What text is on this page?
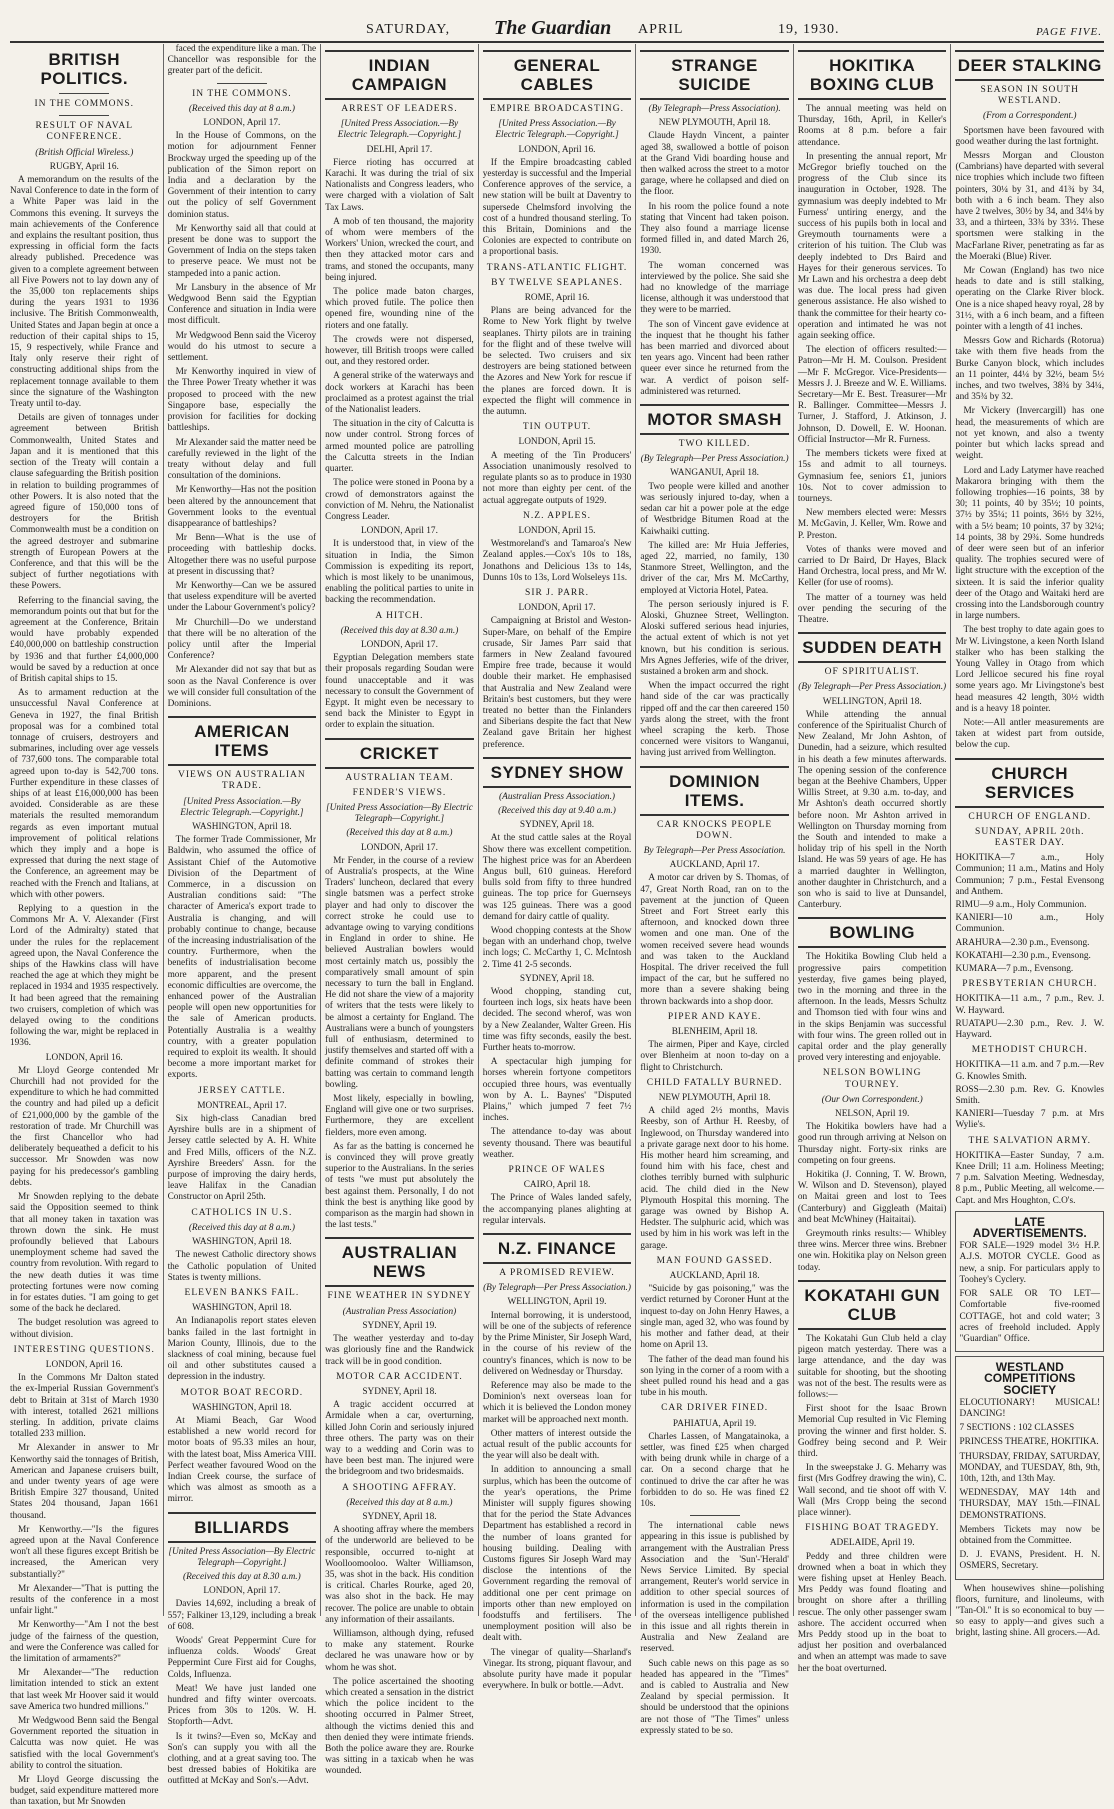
SATURDAY, The Guardian APRIL	19, 1930.	PAGE FIVE.
BRITISH POLITICS.
IN THE COMMONS.
RESULT OF NAVAL CONFERENCE.
(British Official Wireless.)
RUGBY, April 16.

A memorandum on the results of the Naval Conference to date in the form of a White Paper was laid in the Commons this evening. It surveys the main achievements of the Conference and explains the resultant position, thus expressing in official form the facts already published. Precedence was given to a complete agreement between all Five Powers not to lay down any of the 35,000 ton replacements ships during the years 1931 to 1936 inclusive. The British Commonwealth, United States and Japan begin at once a reduction of their capital ships to 15, 15, 9 respectively, while France and Italy only reserve their right of constructing additional ships from the replacement tonnage available to them since the signature of the Washington Treaty until to-day.

Details are given of tonnages under agreement between British Commonwealth, United States and Japan and it is mentioned that this section of the Treaty will contain a clause safeguarding the British position in relation to building programmes of other Powers. It is also noted that the agreed figure of 150,000 tons of destroyers for the British Commonwealth must be a condition on the agreed destroyer and submarine strength of European Powers at the Conference, and that this will be the subject of further negotiations with these Powers.

Referring to the financial saving, the memorandum points out that but for the agreement at the Conference, Britain would have probably expended £40,000,000 on battleship construction by 1936 and that further £4,000,000 would be saved by a reduction at once of British capital ships to 15.

As to armament reduction at the unsuccessful Naval Conference at Geneva in 1927, the final British proposal was for a combined total tonnage of cruisers, destroyers and submarines, including over age vessels of 737,600 tons. The comparable total agreed upon to-day is 542,700 tons. Further expenditure in these classes of ships of at least £16,000,000 has been avoided. Considerable as are these materials the resulted memorandum regards as even important mutual improvement of political relations which they imply and a hope is expressed that during the next stage of the Conference, an agreement may be reached with the French and Italians, at which with other powers.

Replying to a question in the Commons Mr A. V. Alexander (First Lord of the Admiralty) stated that under the rules for the replacement agreed upon, the Naval Conference the ships of the Hawkins class will have reached the age at which they might be replaced in 1934 and 1935 respectively. It had been agreed that the remaining two cruisers, completion of which was delayed owing to the conditions following the war, might be replaced in 1936.

LONDON, April 16.

Mr Lloyd George contended Mr Churchill had not provided for the expenditure to which he had committed the country and had piled up a deficit of £21,000,000 by the gamble of the restoration of trade. Mr Churchill was the first Chancellor who had deliberately bequeathed a deficit to his successor. Mr Snowden was now paying for his predecessor's gambling debts.

Mr Snowden replying to the debate said the Opposition seemed to think that all money taken in taxation was thrown down the sink. He must profoundly believed that Labours unemployment scheme had saved the country from revolution. With regard to the new death duties it was time protecting fortunes were now coming in for estates duties. "I am going to get some of the back he declared.

The budget resolution was agreed to without division.

INTERESTING QUESTIONS.
LONDON, April 16.

In the Commons Mr Dalton stated the ex-Imperial Russian Government's debt to Britain at 31st of March 1930 with interest, totalled 2621 millions sterling. In addition, private claims totalled 233 million.

Mr Alexander in answer to Mr Kenworthy said the tonnages of British, American and Japanese cruisers built, and under twenty years of age were British Empire 327 thousand, United States 204 thousand, Japan 1661 thousand.

Mr Kenworthy.—"Is the figures agreed upon at the Naval Conference won't all these figures except British be increased, the American very substantially?"

Mr Alexander—"That is putting the results of the conference in a most unfair light."

Mr Kenworthy—"Am I not the best judge of the fairness of the question, and were the Conference was called for the limitation of armaments?"

Mr Alexander—"The reduction limitation intended to stick an extent that last week Mr Hoover said it would save America two hundred millions."

Mr Wedgwood Benn said the Bengal Government reported the situation in Calcutta was now quiet. He was satisfied with the local Government's ability to control the situation.

Mr Lloyd George discussing the budget, said expenditure mattered more than taxation, but Mr Snowden

faced the expenditure like a man. The Chancellor was responsible for the greater part of the deficit.

IN THE COMMONS.
(Received this day at 8 a.m.)
LONDON, April 17.

In the House of Commons, on the motion for adjournment Fenner Brockway urged the speeding up of the publication of the Simon report on India and a declaration by the Government of their intention to carry out the policy of self Government dominion status.

Mr Kenworthy said all that could at present be done was to support the Government of India on the steps taken to preserve peace. We must not be stampeded into a panic action.

Mr Lansbury in the absence of Mr Wedgwood Benn said the Egyptian Conference and situation in India were most difficult.

Mr Wedgwood Benn said the Viceroy would do his utmost to secure a settlement.

Mr Kenworthy inquired in view of the Three Power Treaty whether it was proposed to proceed with the new Singapore base, especially the provision for facilities for docking battleships.

Mr Alexander said the matter need be carefully reviewed in the light of the treaty without delay and full consultation of the dominions.

Mr Kenworthy—Has not the position been altered by the announcement that Government looks to the eventual disappearance of battleships?

Mr Benn—What is the use of proceeding with battleship docks. Altogether there was no useful purpose at present in discussing that?

Mr Kenworthy—Can we be assured that useless expenditure will be averted under the Labour Government's policy?

Mr Churchill—Do we understand that there will be no alteration of the policy until after the Imperial Conference?

Mr Alexander did not say that but as soon as the Naval Conference is over we will consider full consultation of the Dominions.

AMERICAN ITEMS
VIEWS ON AUSTRALIAN TRADE.
[United Press Association.—By Electric Telegraph.—Copyright.]
WASHINGTON, April 18.

The former Trade Commissioner, Mr Baldwin, who assumed the office of Assistant Chief of the Automotive Division of the Department of Commerce, in a discussion on Australian conditions said: "The character of America's export trade to Australia is changing, and will probably continue to change, because of the increasing industrialisation of the country. Furthermore, when the benefits of industrialisation become more apparent, and the present economic difficulties are overcome, the enhanced power of the Australian people will open new opportunities for the sale of American products. Potentially Australia is a wealthy country, with a greater population required to exploit its wealth. It should become a more important market for exports.

JERSEY CATTLE.
MONTREAL, April 17.

Six high-class Canadian bred Ayrshire bulls are in a shipment of Jersey cattle selected by A. H. White and Fred Mills, officers of the N.Z. Ayrshire Breeders' Assn. for the purpose of improving the dairy herds, leave Halifax in the Canadian Constructor on April 25th.

CATHOLICS IN U.S.
(Received this day at 8 a.m.)
WASHINGTON, April 18.

The newest Catholic directory shows the Catholic population of United States is twenty millions.

ELEVEN BANKS FAIL.
WASHINGTON, April 18.

An Indianapolis report states eleven banks failed in the last fortnight in Marion County, Illinois, due to the slackness of coal mining, because fuel oil and other substitutes caused a depression in the industry.

MOTOR BOAT RECORD.
WASHINGTON, April 18.

At Miami Beach, Gar Wood established a new world record for motor boats of 95.33 miles an hour, with the latest boat, Miss America VIII. Perfect weather favoured Wood on the Indian Creek course, the surface of which was almost as smooth as a mirror.

BILLIARDS
[United Press Association—By Electric Telegraph—Copyright.]
(Received this day at 8.30 a.m.)
LONDON, April 17.

Davies 14,692, including a break of 557; Falkiner 13,129, including a break of 608.

Woods' Great Peppermint Cure for influenza colds. Woods' Great Peppermint Cure First aid for Coughs, Colds, Influenza.

Meat! We have just landed one hundred and fifty winter overcoats. Prices from 30s to 120s. W. H. Stopforth—Advt.

Is it twins?—Even so, McKay and Son's can supply you with all the clothing, and at a great saving too. The best dressed babies of Hokitika are outfitted at McKay and Son's.—Advt.

INDIAN CAMPAIGN
ARREST OF LEADERS.
[United Press Association.—By Electric Telegraph.—Copyright.]
DELHI, April 17.

Fierce rioting has occurred at Karachi. It was during the trial of six Nationalists and Congress leaders, who were charged with a violation of Salt Tax Laws.

A mob of ten thousand, the majority of whom were members of the Workers' Union, wrecked the court, and then they attacked motor cars and trams, and stoned the occupants, many being injured.

The police made baton charges, which proved futile. The police then opened fire, wounding nine of the rioters and one fatally.

The crowds were not dispersed, however, till British troops were called out, and they restored order.

A general strike of the waterways and dock workers at Karachi has been proclaimed as a protest against the trial of the Nationalist leaders.

The situation in the city of Calcutta is now under control. Strong forces of armed mounted police are patrolling the Calcutta streets in the Indian quarter.

The police were stoned in Poona by a crowd of demonstrators against the conviction of M. Nehru, the Nationalist Congress Leader.

LONDON, April 17.

It is understood that, in view of the situation in India, the Simon Commission is expediting its report, which is most likely to be unanimous, enabling the political parties to unite in backing the recommendation.

A HITCH.
(Received this day at 8.30 a.m.)
LONDON, April 17.

Egyptian Delegation members state their proposals regarding Soudan were found unacceptable and it was necessary to consult the Government of Egypt. It might even be necessary to send back the Minister to Egypt in order to explain the situation.

CRICKET
AUSTRALIAN TEAM.
FENDER'S VIEWS.
[United Press Association—By Electric Telegraph—Copyright.]
(Received this day at 8 a.m.)
LONDON, April 17.

Mr Fender, in the course of a review of Australia's prospects, at the Wine Traders' luncheon, declared that every single batsmen was a perfect stroke player and had only to discover the correct stroke he could use to advantage owing to varying conditions in England in order to shine. He believed Australian bowlers would most certainly match us, possibly the comparatively small amount of spin necessary to turn the ball in England. He did not share the view of a majority of writers that the tests were likely to be almost a certainty for England. The Australians were a bunch of youngsters full of enthusiasm, determined to justify themselves and started off with a definite command of strokes their batting was certain to command length bowling.

Most likely, especially in bowling, England will give one or two surprises. Furthermore, they are excellent fielders, more even among.

As far as the batting is concerned he is convinced they will prove greatly superior to the Australians. In the series of tests "we must put absolutely the best against them. Personally, I do not think the best is anything like good by comparison as the margin had shown in the last tests."

AUSTRALIAN NEWS
FINE WEATHER IN SYDNEY
(Australian Press Association)
SYDNEY, April 19.

The weather yesterday and to-day was gloriously fine and the Randwick track will be in good condition.

MOTOR CAR ACCIDENT.
SYDNEY, April 18.

A tragic accident occurred at Armidale when a car, overturning, killed John Corin and seriously injured three others. The party was on their way to a wedding and Corin was to have been best man. The injured were the bridegroom and two bridesmaids.

A SHOOTING AFFRAY.
(Received this day at 8 a.m.)
SYDNEY, April 18.

A shooting affray where the members of the underworld are believed to be responsible, occurred to-night at Woolloomooloo. Walter Williamson, 35, was shot in the back. His condition is critical. Charles Rourke, aged 20, was also shot in the back. He may recover. The police are unable to obtain any information of their assailants.

Williamson, although dying, refused to make any statement. Rourke declared he was unaware how or by whom he was shot.

The police ascertained the shooting which created a sensation in the district which the police incident to the shooting occurred in Palmer Street, although the victims denied this and then denied they were intimate friends. Both the police aware they are. Rourke was sitting in a taxicab when he was wounded.

GENERAL CABLES
EMPIRE BROADCASTING.
[United Press Association.—By Electric Telegraph.—Copyright.]
LONDON, April 16.

If the Empire broadcasting cabled yesterday is successful and the Imperial Conference approves of the service, a new station will be built at Daventry to supersede Chelmsford involving the cost of a hundred thousand sterling. To this Britain, Dominions and the Colonies are expected to contribute on a proportional basis.

TRANS-ATLANTIC FLIGHT.
BY TWELVE SEAPLANES.
ROME, April 16.

Plans are being advanced for the Rome to New York flight by twelve seaplanes. Thirty pilots are in training for the flight and of these twelve will be selected. Two cruisers and six destroyers are being stationed between the Azores and New York for rescue if the planes are forced down. It is expected the flight will commence in the autumn.

TIN OUTPUT.
LONDON, April 15.

A meeting of the Tin Producers' Association unanimously resolved to regulate plants so as to produce in 1930 not more than eighty per cent. of the actual aggregate outputs of 1929.

N.Z. APPLES.
LONDON, April 15.

Westmoreland's and Tamaroa's New Zealand apples.—Cox's 10s to 18s, Jonathons and Delicious 13s to 14s, Dunns 10s to 13s, Lord Wolseleys 11s.

SIR J. PARR.
LONDON, April 17.

Campaigning at Bristol and Weston-Super-Mare, on behalf of the Empire crusade, Sir James Parr said that farmers in New Zealand favoured Empire free trade, because it would double their market. He emphasised that Australia and New Zealand were Britain's best customers, but they were treated no better than the Finlanders and Siberians despite the fact that New Zealand gave Britain her highest preference.

SYDNEY SHOW
(Australian Press Association.)
(Received this day at 9.40 a.m.)
SYDNEY, April 18.

At the stud cattle sales at the Royal Show there was excellent competition. The highest price was for an Aberdeen Angus bull, 610 guineas. Hereford bulls sold from fifty to three hundred guineas. The top price for Guernseys was 125 guineas. There was a good demand for dairy cattle of quality.

Wood chopping contests at the Show began with an underhand chop, twelve inch logs; C. McCarthy 1, C. McIntosh 2. Time 41 2-5 seconds.

SYDNEY, April 18.

Wood chopping, standing cut, fourteen inch logs, six heats have been decided. The second wherof, was won by a New Zealander, Walter Green. His time was fifty seconds, easily the best. Further heats to-morrow.

A spectacular high jumping for horses wherein fortyone competitors occupied three hours, was eventually won by A. L. Baynes' "Disputed Plains," which jumped 7 feet 7½ inches.

The attendance to-day was about seventy thousand. There was beautiful weather.

PRINCE OF WALES
CAIRO, April 18.

The Prince of Wales landed safely, the accompanying planes alighting at regular intervals.

N.Z. FINANCE
A PROMISED REVIEW.
(By Telegraph—Per Press Association.)
WELLINGTON, April 19.

Internal borrowing, it is understood, will be one of the subjects of reference by the Prime Minister, Sir Joseph Ward, in the course of his review of the country's finances, which is now to be delivered on Wednesday or Thursday.

Reference may also be made to the Dominion's next overseas loan for which it is believed the London money market will be approached next month.

Other matters of interest outside the actual result of the public accounts for the year will also be dealt with.

In addition to announcing a small surplus, which has been the outcome of the year's operations, the Prime Minister will supply figures showing that for the period the State Advances Department has established a record in the number of loans granted for housing building. Dealing with Customs figures Sir Joseph Ward may disclose the intentions of the Government regarding the removal of additional one per cent primage on imports other than new employed on foodstuffs and fertilisers. The unemployment position will also be dealt with.

The vinegar of quality—Sharland's Vinegar. Its strong, piquant flavour, and absolute purity have made it popular everywhere. In bulk or bottle.—Advt.

STRANGE SUICIDE
(By Telegraph—Press Association).
NEW PLYMOUTH, April 18.

Claude Haydn Vincent, a painter aged 38, swallowed a bottle of poison at the Grand Vidi boarding house and then walked across the street to a motor garage, where he collapsed and died on the floor.

In his room the police found a note stating that Vincent had taken poison. They also found a marriage license formed filled in, and dated March 26, 1930.

The woman concerned was interviewed by the police. She said she had no knowledge of the marriage license, although it was understood that they were to be married.

The son of Vincent gave evidence at the inquest that he thought his father has been married and divorced about ten years ago. Vincent had been rather queer ever since he returned from the war. A verdict of poison self-administered was returned.

MOTOR SMASH
TWO KILLED.
(By Telegraph—Per Press Association.)
WANGANUI, April 18.

Two people were killed and another was seriously injured to-day, when a sedan car hit a power pole at the edge of Westbridge Bitumen Road at the Kaiwhaiki cutting.

The killed are: Mr Huia Jefferies, aged 22, married, no family, 130 Stanmore Street, Wellington, and the driver of the car, Mrs M. McCarthy, employed at Victoria Hotel, Patea.

The person seriously injured is F. Aloski, Ghuznee Street, Wellington. Aloski suffered serious head injuries, the actual extent of which is not yet known, but his condition is serious. Mrs Agnes Jefferies, wife of the driver, sustained a broken arm and shock.

When the impact occurred the right hand side of the car was practically ripped off and the car then careered 150 yards along the street, with the front wheel scraping the kerb. Those concerned were visitors to Wanganui, having just arrived from Wellington.

DOMINION ITEMS.
CAR KNOCKS PEOPLE DOWN.
By Telegraph—Per Press Association.
AUCKLAND, April 17.

A motor car driven by S. Thomas, of 47, Great North Road, ran on to the pavement at the junction of Queen Street and Fort Street early this afternoon, and knocked down three women and one man. One of the women received severe head wounds and was taken to the Auckland Hospital. The driver received the full impact of the car, but he suffered no more than a severe shaking being thrown backwards into a shop door.

PIPER AND KAYE.
BLENHEIM, April 18.

The airmen, Piper and Kaye, circled over Blenheim at noon to-day on a flight to Christchurch.

CHILD FATALLY BURNED.
NEW PLYMOUTH, April 18.

A child aged 2½ months, Mavis Reesby, son of Arthur H. Reesby, of Inglewood, on Thursday wandered into a private garage next door to his home. His mother heard him screaming, and found him with his face, chest and clothes terribly burned with sulphuric acid. The child died in the New Plymouth Hospital this morning. The garage was owned by Bishop A. Hedster. The sulphuric acid, which was used by him in his work was left in the garage.

MAN FOUND GASSED.
AUCKLAND, April 18.

"Suicide by gas poisoning," was the verdict returned by Coroner Hunt at the inquest to-day on John Henry Hawes, a single man, aged 32, who was found by his mother and father dead, at their home on April 13.

The father of the dead man found his son lying in the corner of a room with a sheet pulled round his head and a gas tube in his mouth.

CAR DRIVER FINED.
PAHIATUA, April 19.

Charles Lassen, of Mangatainoka, a settler, was fined £25 when charged with being drunk while in charge of a car. On a second charge that he continued to drive the car after he was forbidden to do so. He was fined £2 10s.

The international cable news appearing in this issue is published by arrangement with the Australian Press Association and the 'Sun'-'Herald' News Service Limited. By special arrangement, Reuter's world service in addition to other special sources of information is used in the compilation of the overseas intelligence published in this issue and all rights therein in Australia and New Zealand are reserved.

Such cable news on this page as so headed has appeared in the "Times" and is cabled to Australia and New Zealand by special permission. It should be understood that the opinions are not those of "The Times" unless expressly stated to be so.

HOKITIKA BOXING CLUB

The annual meeting was held on Thursday, 16th, April, in Keller's Rooms at 8 p.m. before a fair attendance.

In presenting the annual report, Mr McGregor briefly touched on the progress of the Club since its inauguration in October, 1928. The gymnasium was deeply indebted to Mr Furness' untiring energy, and the success of his pupils both in local and Greymouth tournaments were a criterion of his tuition. The Club was deeply indebted to Drs Baird and Hayes for their generous services. To Mr Lawn and his orchestra a deep debt was due. The local press had given generous assistance. He also wished to thank the committee for their hearty co-operation and intimated he was not again seeking office.

The election of officers resulted:— Patron—Mr H. M. Coulson. President—Mr F. McGregor. Vice-Presidents—Messrs J. J. Breeze and W. E. Williams. Secretary—Mr E. Best. Treasurer—Mr R. Ballinger. Committee—Messrs J. Turner, J. Stafford, J. Atkinson, J. Johnson, D. Dowell, E. W. Hoonan. Official Instructor—Mr R. Furness.

The members tickets were fixed at 15s and admit to all tourneys. Gymnasium fee, seniors £1, juniors 10s. Not to cover admission to tourneys.

New members elected were: Messrs M. McGavin, J. Keller, Wm. Rowe and P. Preston.

Votes of thanks were moved and carried to Dr Baird, Dr Hayes, Black Hand Orchestra, local press, and Mr W. Keller (for use of rooms).

The matter of a tourney was held over pending the securing of the Theatre.

SUDDEN DEATH
OF SPIRITUALIST.
(By Telegraph—Per Press Association.)
WELLINGTON, April 18.

While attending the annual conference of the Spiritualist Church of New Zealand, Mr John Ashton, of Dunedin, had a seizure, which resulted in his death a few minutes afterwards. The opening session of the conference began at the Beehive Chambers, Upper Willis Street, at 9.30 a.m. to-day, and Mr Ashton's death occurred shortly before noon. Mr Ashton arrived in Wellington on Thursday morning from the South and intended to make a holiday trip of his spell in the North Island. He was 59 years of age. He has a married daughter in Wellington, another daughter in Christchurch, and a son who is said to live at Dunsandel, Canterbury.

BOWLING

The Hokitika Bowling Club held a progressive pairs competition yesterday, five games being played, two in the morning and three in the afternoon. In the leads, Messrs Schultz and Thomson tied with four wins and in the skips Benjamin was successful with four wins. The green rolled out in capital order and the play generally proved very interesting and enjoyable.

NELSON BOWLING TOURNEY.
(Our Own Correspondent.)
NELSON, April 19.

The Hokitika bowlers have had a good run through arriving at Nelson on Thursday night. Forty-six rinks are competing on four greens.

Hokitika (J. Conning, T. W. Brown, W. Wilson and D. Stevenson), played on Maitai green and lost to Tees (Canterbury) and Giggleath (Maitai) and beat McWhiney (Haitaitai).

Greymouth rinks results:— Whibley three wins. Mercer three wins. Brebner one win. Hokitika play on Nelson green today.

KOKATAHI GUN CLUB

The Kokatahi Gun Club held a clay pigeon match yesterday. There was a large attendance, and the day was suitable for shooting, but the shooting was not of the best. The results were as follows:—

First shoot for the Isaac Brown Memorial Cup resulted in Vic Fleming proving the winner and first holder. S. Godfrey being second and P. Weir third.

In the sweepstake J. G. Meharry was first (Mrs Godfrey drawing the win), C. Wall second, and tie shoot off with V. Wall (Mrs Cropp being the second place winner).

FISHING BOAT TRAGEDY.
ADELAIDE, April 19.

Peddy and three children were drowned when a boat in which they were fishing upset at Henley Beach. Mrs Peddy was found floating and brought on shore after a thrilling rescue. The only other passenger swam ashore. The accident occurred when Mrs Peddy stood up in the boat to adjust her position and overbalanced and when an attempt was made to save her the boat overturned.

DEER STALKING
SEASON IN SOUTH WESTLAND.
(From a Correspondent.)

Sportsmen have been favoured with good weather during the last fortnight.

Messrs Morgan and Clouston (Cambrians) have departed with several nice trophies which include two fifteen pointers, 30¼ by 31, and 41¾ by 34, both with a 6 inch beam. They also have 2 twelves, 30½ by 34, and 34⅛ by 33, and a thirteen, 33¾ by 33½. These sportsmen were stalking in the MacFarlane River, penetrating as far as the Moeraki (Blue) River.

Mr Cowan (England) has two nice heads to date and is still stalking, operating on the Clarke River block. One is a nice shaped heavy royal, 28 by 31½, with a 6 inch beam, and a fifteen pointer with a length of 41 inches.

Messrs Gow and Richards (Rotorua) take with them five heads from the Burke Canyon block, which includes an 11 pointer, 44¼ by 32½, beam 5½ inches, and two twelves, 38¾ by 34¼, and 35¾ by 32.

Mr Vickery (Invercargill) has one head, the measurements of which are not yet known, and also a twenty pointer but which lacks spread and weight.

Lord and Lady Latymer have reached Makarora bringing with them the following trophies—16 points, 38 by 30; 11 points, 40 by 35½; 10 points, 37½ by 35¼; 11 points, 36½ by 32½, with a 5½ beam; 10 points, 37 by 32¼; 14 points, 38 by 29¾. Some hundreds of deer were seen but of an inferior quality. The trophies secured were of light structure with the exception of the sixteen. It is said the inferior quality deer of the Otago and Waitaki herd are crossing into the Landsborough country in large numbers.

The best trophy to date again goes to Mr W. Livingstone, a keen North Island stalker who has been stalking the Young Valley in Otago from which Lord Jellicoe secured his fine royal some years ago. Mr Livingstone's best head measures 42 length, 30½ width and is a heavy 18 pointer.

Note:—All antler measurements are taken at widest part from outside, below the cup.

CHURCH SERVICES
CHURCH OF ENGLAND.
SUNDAY, APRIL 20th. EASTER DAY.

HOKITIKA—7 a.m., Holy Communion; 11 a.m., Matins and Holy Communion; 7 p.m., Festal Evensong and Anthem.

RIMU—9 a.m., Holy Communion.

KANIERI—10 a.m., Holy Communion.

ARAHURA—2.30 p.m., Evensong.

KOKATAHI—2.30 p.m., Evensong.

KUMARA—7 p.m., Evensong.

PRESBYTERIAN CHURCH.

HOKITIKA—11 a.m., 7 p.m., Rev. J. W. Hayward.

RUATAPU—2.30 p.m., Rev. J. W. Hayward.

METHODIST CHURCH.

HOKITIKA—11 a.m. and 7 p.m.—Rev G. Knowles Smith.

ROSS—2.30 p.m. Rev. G. Knowles Smith.

KANIERI—Tuesday 7 p.m. at Mrs Wylie's.

THE SALVATION ARMY.

HOKITIKA—Easter Sunday, 7 a.m. Knee Drill; 11 a.m. Holiness Meeting; 7 p.m. Salvation Meeting. Wednesday, 8 p.m., Public Meeting, all welcome.—Capt. and Mrs Houghton, C.O's.

LATE ADVERTISEMENTS.

FOR SALE—1929 model 3½ H.P. A.J.S. MOTOR CYCLE. Good as new, a snip. For particulars apply to Toohey's Cyclery.

FOR SALE OR TO LET—Comfortable five-roomed COTTAGE, hot and cold water; 3 acres of freehold included. Apply "Guardian" Office.

WESTLAND COMPETITIONS SOCIETY

ELOCUTIONARY! MUSICAL! DANCING!

7 SECTIONS : 102 CLASSES

PRINCESS THEATRE, HOKITIKA.

THURSDAY, FRIDAY, SATURDAY, MONDAY, and TUESDAY, 8th, 9th, 10th, 12th, and 13th May.

WEDNESDAY, MAY 14th and THURSDAY, MAY 15th.—FINAL DEMONSTRATIONS.

Members Tickets may now be obtained from the Committee.

D. J. EVANS, President. H. N. OSMERS, Secretary.

When housewives shine—polishing floors, furniture, and linoleums, with "Tan-Ol." It is so economical to buy —so easy to apply—and gives such a bright, lasting shine. All grocers.—Ad.
